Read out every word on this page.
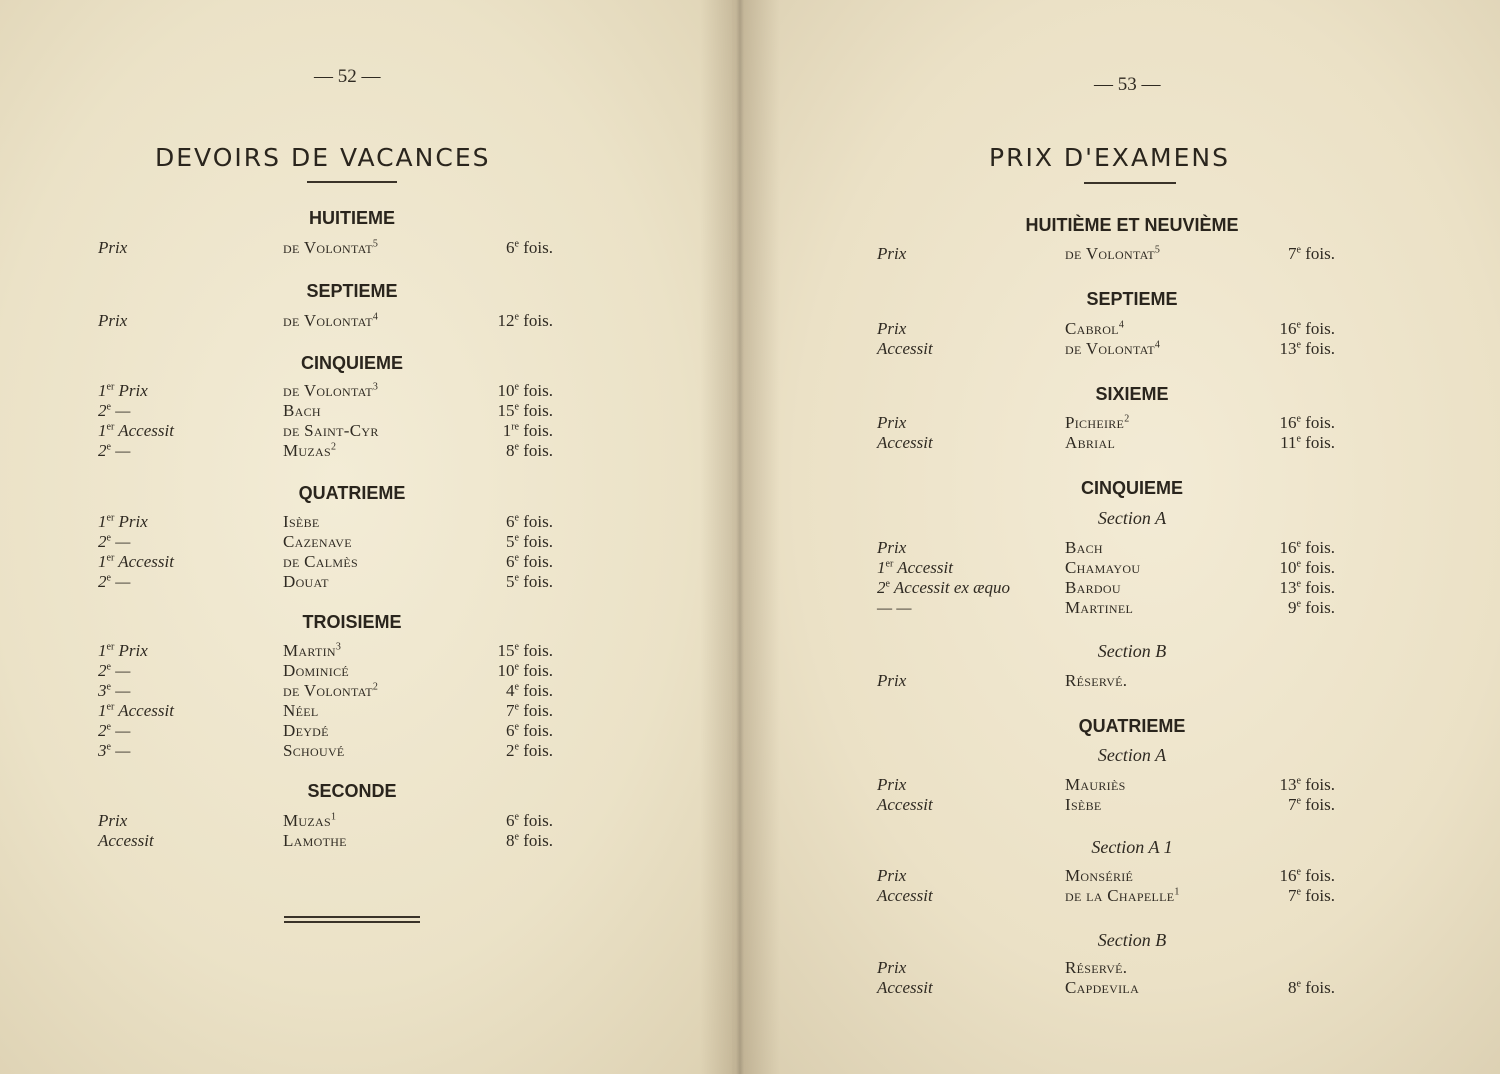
— 52 —
DEVOIRS DE VACANCES
HUITIEME
Prix	de Volontat$^5$	6e fois.
SEPTIEME
Prix	de Volontat$^4$	12e fois.
CINQUIEME
1er Prix	de Volontat$^3$	10e fois.
2e —	Bach	15e fois.
1er Accessit	de Saint-Cyr	1re fois.
2e —	Muzas$^2$	8e fois.
QUATRIEME
1er Prix	Isèbe	6e fois.
2e —	Cazenave	5e fois.
1er Accessit	de Calmès	6e fois.
2e —	Douat	5e fois.
TROISIEME
1er Prix	Martin$^3$	15e fois.
2e —	Dominicé	10e fois.
3e —	de Volontat$^2$	4e fois.
1er Accessit	Néel	7e fois.
2e —	Deydé	6e fois.
3e —	Schouvé	2e fois.
SECONDE
Prix	Muzas$^1$	6e fois.
Accessit	Lamothe	8e fois.
— 53 —
PRIX D'EXAMENS
HUITIÈME ET NEUVIÈME
Prix	de Volontat$^5$	7e fois.
SEPTIEME
Prix	Cabrol$^4$	16e fois.
Accessit	de Volontat$^4$	13e fois.
SIXIEME
Prix	Picheire$^2$	16e fois.
Accessit	Abrial	11e fois.
CINQUIEME
Section A
Prix	Bach	16e fois.
1er Accessit	Chamayou	10e fois.
2e Accessit ex æquo	Bardou	13e fois.
— —	Martinel	9e fois.
Section B
Prix	Réservé.
QUATRIEME
Section A
Prix	Mauriès	13e fois.
Accessit	Isèbe	7e fois.
Section A 1
Prix	Monsérié	16e fois.
Accessit	de la Chapelle$^1$	7e fois.
Section B
Prix	Réservé.
Accessit	Capdevila	8e fois.
